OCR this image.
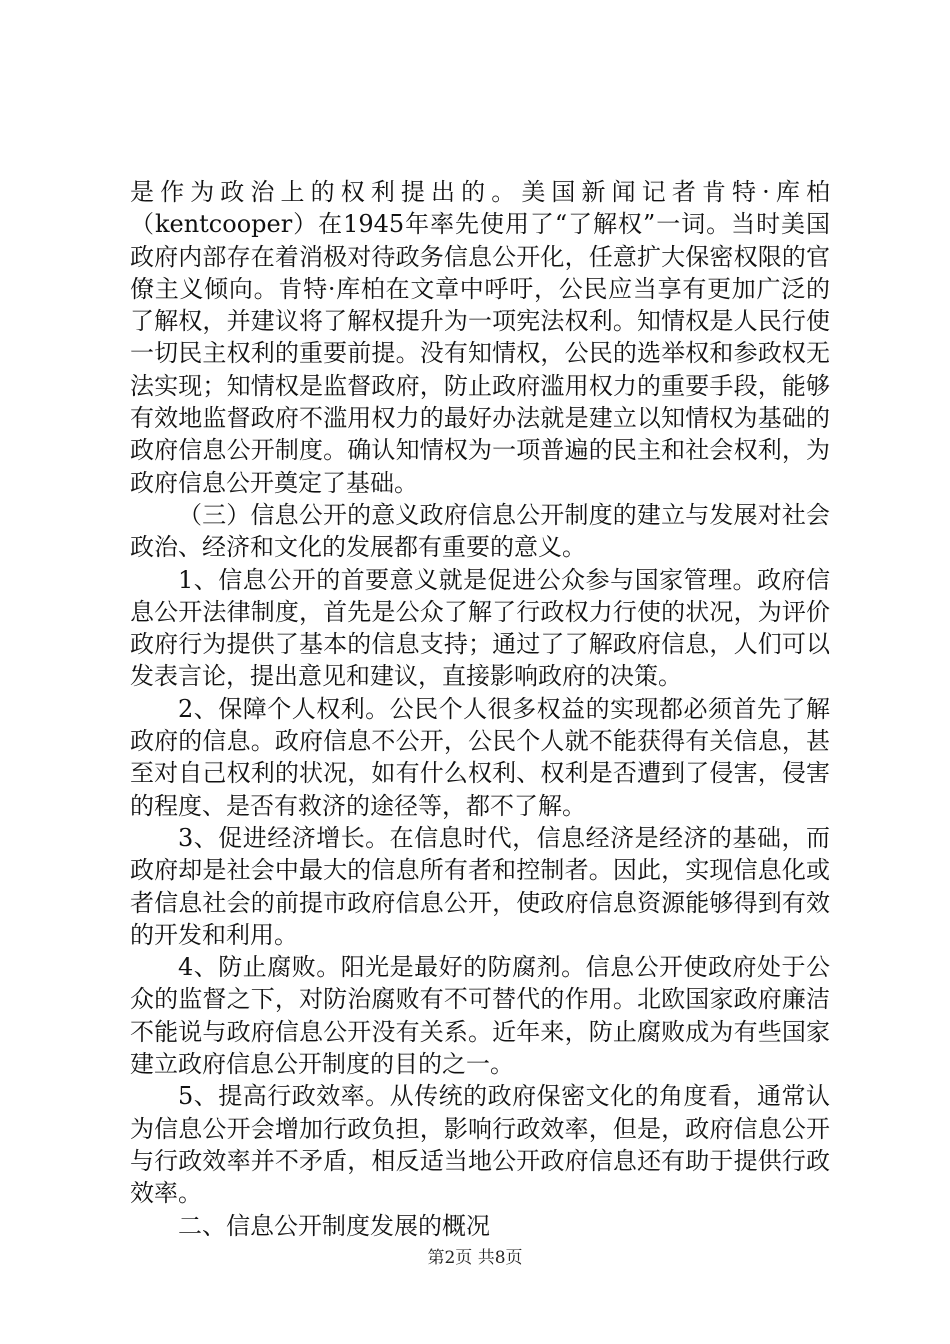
是作为政治上的权利提出的。美国新闻记者肯特·库柏（kentcooper）在1945年率先使用了“了解权”一词。当时美国政府内部存在着消极对待政务信息公开化，任意扩大保密权限的官僚主义倾向。肯特·库柏在文章中呼吁，公民应当享有更加广泛的了解权，并建议将了解权提升为一项宪法权利。知情权是人民行使一切民主权利的重要前提。没有知情权，公民的选举权和参政权无法实现；知情权是监督政府，防止政府滥用权力的重要手段，能够有效地监督政府不滥用权力的最好办法就是建立以知情权为基础的政府信息公开制度。确认知情权为一项普遍的民主和社会权利，为政府信息公开奠定了基础。

（三）信息公开的意义政府信息公开制度的建立与发展对社会政治、经济和文化的发展都有重要的意义。

1、信息公开的首要意义就是促进公众参与国家管理。政府信息公开法律制度，首先是公众了解了行政权力行使的状况，为评价政府行为提供了基本的信息支持；通过了了解政府信息，人们可以发表言论，提出意见和建议，直接影响政府的决策。

2、保障个人权利。公民个人很多权益的实现都必须首先了解政府的信息。政府信息不公开，公民个人就不能获得有关信息，甚至对自己权利的状况，如有什么权利、权利是否遭到了侵害，侵害的程度、是否有救济的途径等，都不了解。

3、促进经济增长。在信息时代，信息经济是经济的基础，而政府却是社会中最大的信息所有者和控制者。因此，实现信息化或者信息社会的前提市政府信息公开，使政府信息资源能够得到有效的开发和利用。

4、防止腐败。阳光是最好的防腐剂。信息公开使政府处于公众的监督之下，对防治腐败有不可替代的作用。北欧国家政府廉洁不能说与政府信息公开没有关系。近年来，防止腐败成为有些国家建立政府信息公开制度的目的之一。

5、提高行政效率。从传统的政府保密文化的角度看，通常认为信息公开会增加行政负担，影响行政效率，但是，政府信息公开与行政效率并不矛盾，相反适当地公开政府信息还有助于提供行政效率。

二、信息公开制度发展的概况

第2页 共8页
